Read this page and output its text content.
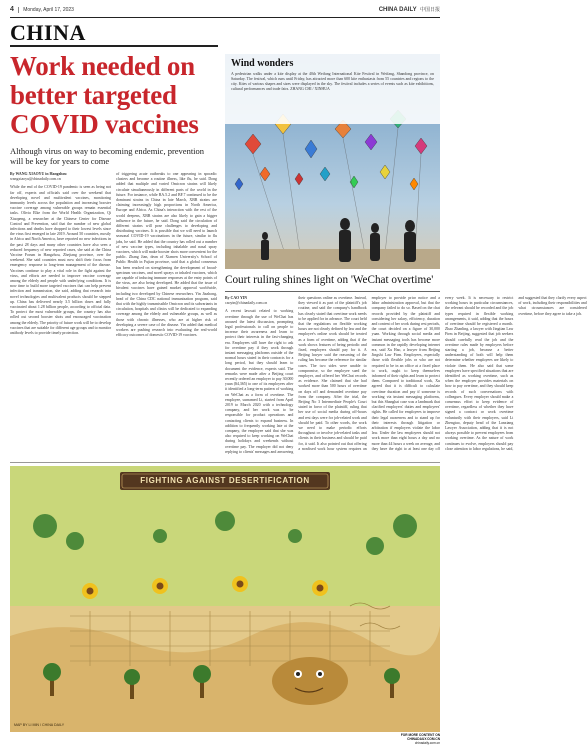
4 Monday, April 17, 2023	CHINA DAILY 中国日报
CHINA
Work needed on better targeted COVID vaccines
Although virus on way to becoming endemic, prevention will be key for years to come
By WANG XIAOYU in Hangzhou
wangxiaoyu@chinadaily.com.cn
While the end of the COVID-19 pandemic is seen as being not far off, experts and officials said over the weekend that developing novel and multivalent vaccines, monitoring immunity levels across the population and increasing booster vaccine coverage among vulnerable groups remain essential tasks. Olivia Elke from the World Health Organization, Qi Xiaopeng, a researcher at the Chinese Center for Disease Control and Prevention, said that the number of new global infections and deaths have dropped to their lowest levels since the virus first emerged in late 2019. Around 50 countries, mostly in Africa and North America, have reported no new infections in the past 28 days and many other countries have also seen a reduced frequency of new reported cases, she said at the China Vaccine Forum in Hangzhou, Zhejiang province, over the weekend. She said countries must now shift their focus from emergency response to long-term management of the disease. Vaccines continue to play a vital role in the fight against the virus, and efforts are needed to improve vaccine coverage among the elderly and people with underlying conditions. It is now time to build more targeted vaccines that can help prevent infection and transmission, she said, adding that research into novel technologies and multivalent products should be stepped up. China has delivered nearly 3.5 billion doses and fully vaccinated about 1.28 billion people, according to official data. To protect the most vulnerable groups, the country has also rolled out second booster shots and encouraged vaccination among the elderly. The priority of future work will be to develop vaccines that are suitable for different age groups and to monitor antibody levels to provide timely protection.
of triggering acute outbreaks to one appearing in sporadic clusters and become a routine illness, like flu, he said. Dong added that multiple and varied Omicron strains will likely circulate simultaneously in different parts of the world in the future. For instance, while BA.5.2 and BF.7 continued to be the dominant strains in China in late March, XBB strains are claiming increasingly high proportions in North America, Europe and Africa. As China's interaction with the rest of the world deepens, XBB strains are also likely to gain a bigger influence in the future, he said. Dong said the circulation of different strains will pose challenges to developing and distributing vaccines. It is possible that we will need to launch seasonal COVID-19 vaccinations in the future, similar to flu jabs, he said. He added that the country has rolled out a number of new vaccine types, including inhalable and nasal spray vaccines, which will make booster shots more convenient for the public. Zhang Jian, dean of Xiamen University's School of Public Health in Fujian province, said that a global consensus has been reached on strengthening the development of broad-spectrum vaccines, and novel sprays or inhaled vaccines, which are capable of inducing immune responses at the entry points of the virus, are also being developed. He added that the issue of bivalent vaccines have gained market approval worldwide, including two developed by Chinese researchers. Yin Jiazhong, head of the China CDC national immunization program, said that with the highly transmissible Omicron and its subvariants in circulation, hospitals and clinics will be dedicated to expanding coverage among the elderly and vulnerable groups, as well as those with chronic illnesses, who are at higher risk of developing a severe case of the disease. Yin added that medical workers are pushing research into evaluating the real-world efficacy outcomes of domestic COVID-19 vaccines.
Wind wonders
A pedestrian walks under a kite display at the 40th Weifang International Kite Festival in Weifang, Shandong province, on Saturday. The festival, which runs until Friday, has attracted more than 600 kite enthusiasts from 55 countries and regions to the city. Kites of various shapes and sizes were displayed in the sky. The festival includes a series of events such as kite exhibitions, cultural performances and trade fairs. ZHANG CHI / XINHUA
Court ruling shines light on 'WeChat overtime'
By CAO YIN
caoyin@chinadaily.com.cn
A recent lawsuit related to working overtime through the use of WeChat has aroused the latest discussion, prompting legal professionals to call on people to increase their awareness and learn to protect their interests in the fast-changing era. Employees still have the right to ask for overtime pay if they work through instant messaging platforms outside of the normal hours stated in their contracts for a long period, but they should learn to document the evidence, experts said. The remarks were made after a Beijing court recently ordered an employer to pay 30,000 yuan ($4,365) to one of its employees after it identified a long-term pattern of working on WeChat as a form of overtime. The employee, surnamed Li, started from April 2019 to March 2020 with a technology company, and her work was to be responsible for product operations and contacting clients to expand business. In addition to frequently working late at the company, the employee said that she was also required to keep working on WeChat during holidays and weekends without overtime pay. The employer did not deny replying to clients' messages and answering their questions online as overtime. Instead, they viewed it as part of the plaintiff's job routine, and said the company's handbook has clearly stated that overtime work needs to be applied for in advance. The court held that the regulations on flexible working hours are not clearly defined by law and the employee's online work should be treated as a form of overtime, adding that if the work shows features of being periodic and fixed, employers should pay for it. A Beijing lawyer said the reasoning of the ruling has become the reference for similar cases. The two sides were unable to compromise, so the employee sued the employer, and offered her WeChat records as evidence. She claimed that she had worked more than 500 hours of overtime on days off and demanded overtime pay from the company. After the trial, the Beijing No 3 Intermediate People's Court stated in favor of the plaintiff, ruling that her use of social media during off-hours and rest days were for job-related work and should be paid. To other words, the work we need to make periodic efforts throughout or involve job-related tasks and clients in their business and should be paid for, it said. It also pointed out that offering a nonfixed work hour system requires an employer to provide prior notice and a labor administration approval, but that the company failed to do so. Based on the chat records provided by the plaintiff and considering her salary, efficiency, duration and content of her work during rest periods, the court decided on a figure of 30,000 yuan. Working through social media and instant messaging tools has become more common in the rapidly developing internet era, said Xu Hao, a lawyer from Beijing Jingshi Law Firm. Employees, especially those with flexible jobs or who are not required to be in an office at a fixed place to work, ought to keep themselves informed of their rights and learn to protect them. Compared to traditional work, Xu agreed that it is difficult to calculate overtime duration and pay if someone is working via instant messaging platforms, but this Shanghai case was a landmark that clarified employers' duties and employees' rights. He called for employees to improve their legal awareness and to stand up for their interests through litigation or arbitration if employers violate the labor law. Under the law employees should not work more than eight hours a day and no more than 44 hours a week on average, and they have the right to at least one day off every week. It is necessary to restrict working hours in particular circumstances, the relevant should be recorded and the job types required in flexible working arrangements, it said, adding that the hours of overtime should be registered a month. Zhao Zhanling, a lawyer with Jingtian Law Firm in Beijing, suggested that job seekers should carefully read the job and the overtime rules made by employers before starting a job, because a better understanding of both will help them determine whether employees are likely to violate them. He also said that some employers have specified situations that are identified as working overtime, such as when the employer provides materials on how to pay overtime, and they should keep records of such conversations with colleagues. Every employer should make a consensus effort to keep evidence of overtime, regardless of whether they have signed a contract or work overtime voluntarily with their employers, said Li Zhengtao, deputy head of the Lanxiang Lawyer Association, adding that it is not always possible to prevent employees from working overtime. As the nature of work continues to evolve, employers should pay close attention to labor regulations, he said, and suggested that they clarify every aspect of work, including their responsibilities and what circumstances are considered overtime, before they agree to take a job.
FIGHTING AGAINST DESERTIFICATION
MAP BY LI MIN / CHINA DAILY
FOR MORE CONTENT ON CHINADAILY.COM.CN
chinadaily.com.cn
